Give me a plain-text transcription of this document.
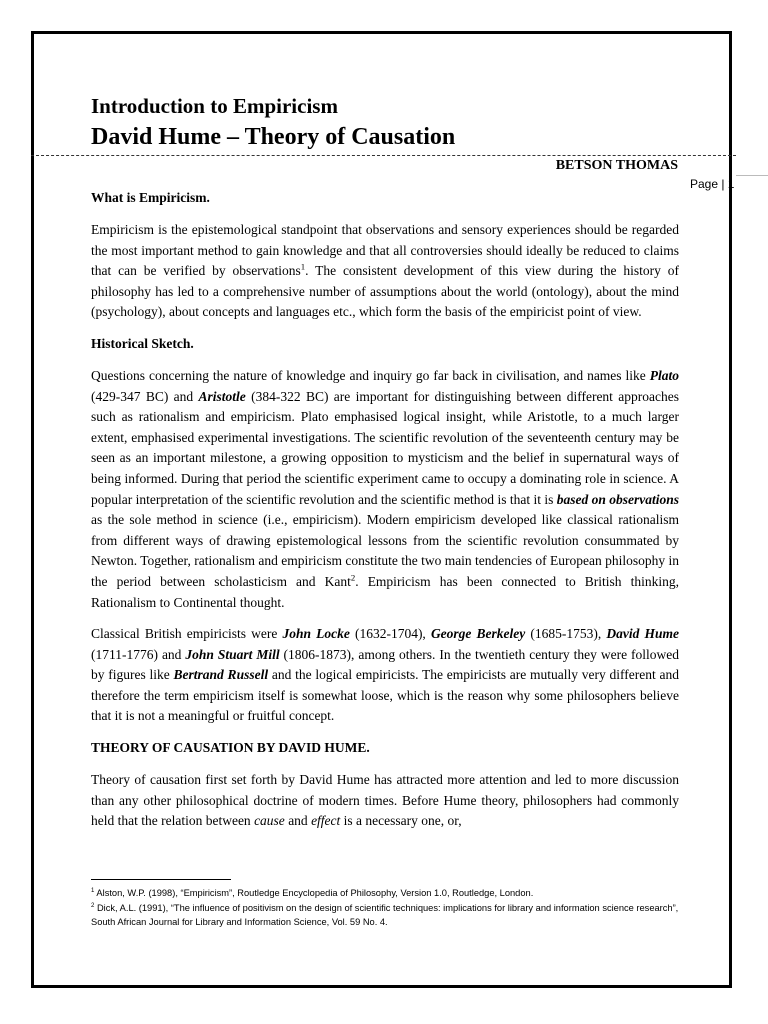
Introduction to Empiricism
David Hume – Theory of Causation
BETSON THOMAS
Page | 1
What is Empiricism.

Empiricism is the epistemological standpoint that observations and sensory experiences should be regarded the most important method to gain knowledge and that all controversies should ideally be reduced to claims that can be verified by observations$^1$. The consistent development of this view during the history of philosophy has led to a comprehensive number of assumptions about the world (ontology), about the mind (psychology), about concepts and languages etc., which form the basis of the empiricist point of view.

Historical Sketch.

Questions concerning the nature of knowledge and inquiry go far back in civilisation, and names like Plato (429-347 BC) and Aristotle (384-322 BC) are important for distinguishing between different approaches such as rationalism and empiricism. Plato emphasised logical insight, while Aristotle, to a much larger extent, emphasised experimental investigations. The scientific revolution of the seventeenth century may be seen as an important milestone, a growing opposition to mysticism and the belief in supernatural ways of being informed. During that period the scientific experiment came to occupy a dominating role in science. A popular interpretation of the scientific revolution and the scientific method is that it is based on observations as the sole method in science (i.e., empiricism). Modern empiricism developed like classical rationalism from different ways of drawing epistemological lessons from the scientific revolution consummated by Newton. Together, rationalism and empiricism constitute the two main tendencies of European philosophy in the period between scholasticism and Kant$^2$. Empiricism has been connected to British thinking, Rationalism to Continental thought.

Classical British empiricists were John Locke (1632-1704), George Berkeley (1685-1753), David Hume (1711-1776) and John Stuart Mill (1806-1873), among others. In the twentieth century they were followed by figures like Bertrand Russell and the logical empiricists. The empiricists are mutually very different and therefore the term empiricism itself is somewhat loose, which is the reason why some philosophers believe that it is not a meaningful or fruitful concept.

THEORY OF CAUSATION BY DAVID HUME.

Theory of causation first set forth by David Hume has attracted more attention and led to more discussion than any other philosophical doctrine of modern times. Before Hume theory, philosophers had commonly held that the relation between cause and effect is a necessary one, or,

$^1$ Alston, W.P. (1998), “Empiricism”, Routledge Encyclopedia of Philosophy, Version 1.0, Routledge, London.

$^2$ Dick, A.L. (1991), “The influence of positivism on the design of scientific techniques: implications for library and information science research”, South African Journal for Library and Information Science, Vol. 59 No. 4.
